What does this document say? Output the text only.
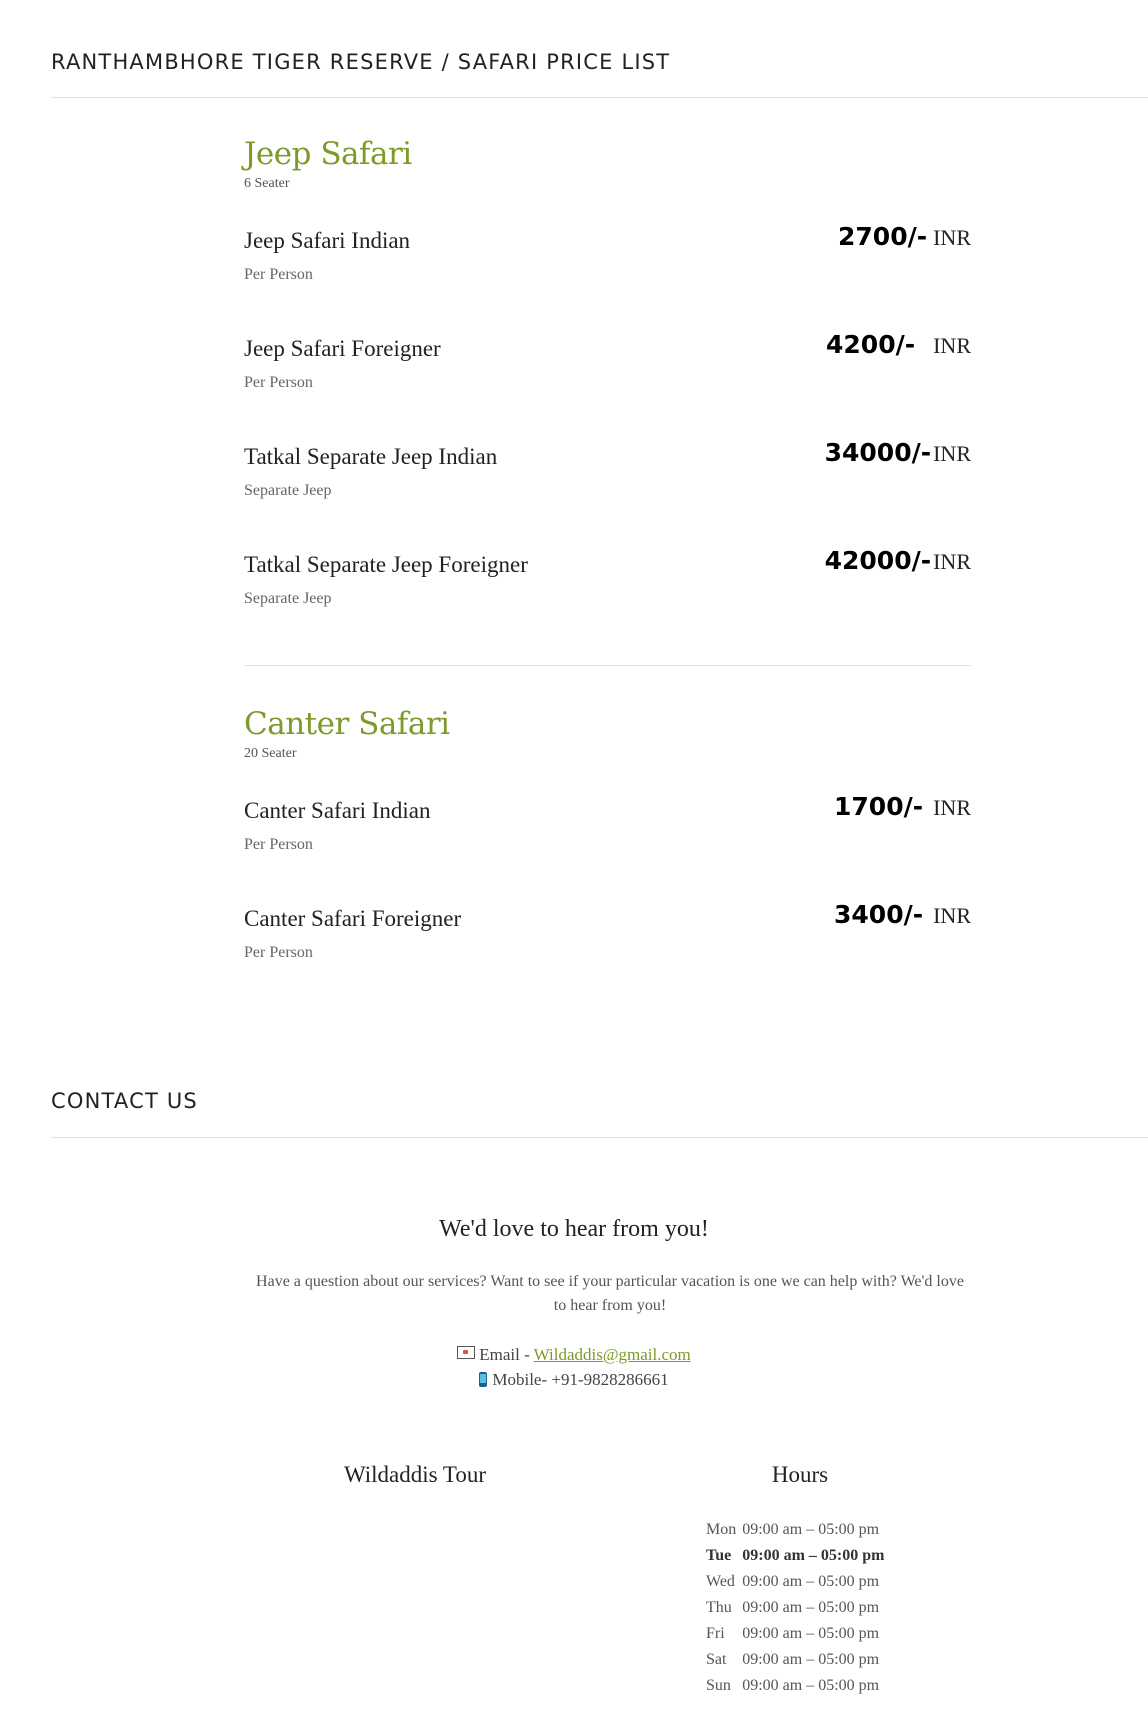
RANTHAMBHORE TIGER RESERVE / SAFARI PRICE LIST
Jeep Safari
6 Seater
Jeep Safari Indian
Per Person
2700/- INR
Jeep Safari Foreigner
Per Person
4200/- INR
Tatkal Separate Jeep Indian
Separate Jeep
34000/-INR
Tatkal Separate Jeep Foreigner
Separate Jeep
42000/-INR
Canter Safari
20 Seater
Canter Safari Indian
Per Person
1700/- INR
Canter Safari Foreigner
Per Person
3400/- INR
CONTACT US
We'd love to hear from you!
Have a question about our services? Want to see if your particular vacation is one we can help with? We'd love to hear from you!
Email - Wildaddis@gmail.com
Mobile- +91-9828286661
Wildaddis Tour	Hours
Mon	09:00 am – 05:00 pm
Tue	09:00 am – 05:00 pm
Wed	09:00 am – 05:00 pm
Thu	09:00 am – 05:00 pm
Fri	09:00 am – 05:00 pm
Sat	09:00 am – 05:00 pm
Sun	09:00 am – 05:00 pm
